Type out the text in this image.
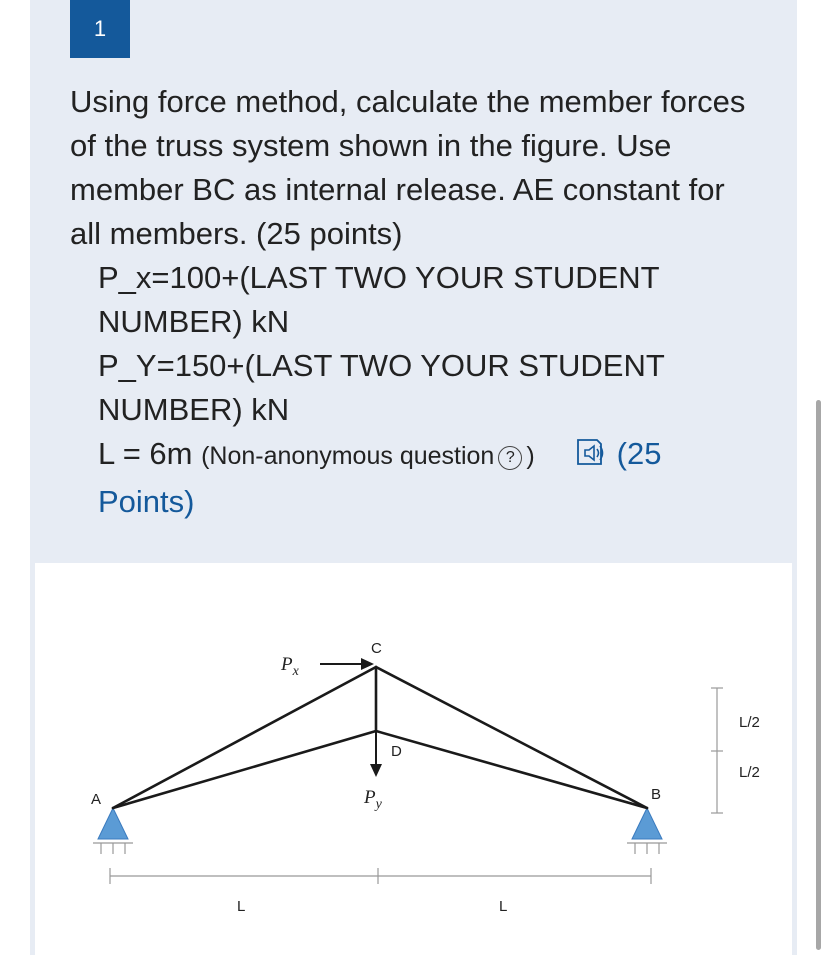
1
Using force method, calculate the member forces of the truss system shown in the figure. Use member BC as internal release. AE constant for all members. (25 points)
P_x=100+(LAST TWO YOUR STUDENT NUMBER) kN
P_Y=150+(LAST TWO YOUR STUDENT NUMBER) kN
L = 6m (Non-anonymous question ? )	(25 Points)
A	B
C
D
$P_x$
$P_y$
L	L
L/2
L/2
